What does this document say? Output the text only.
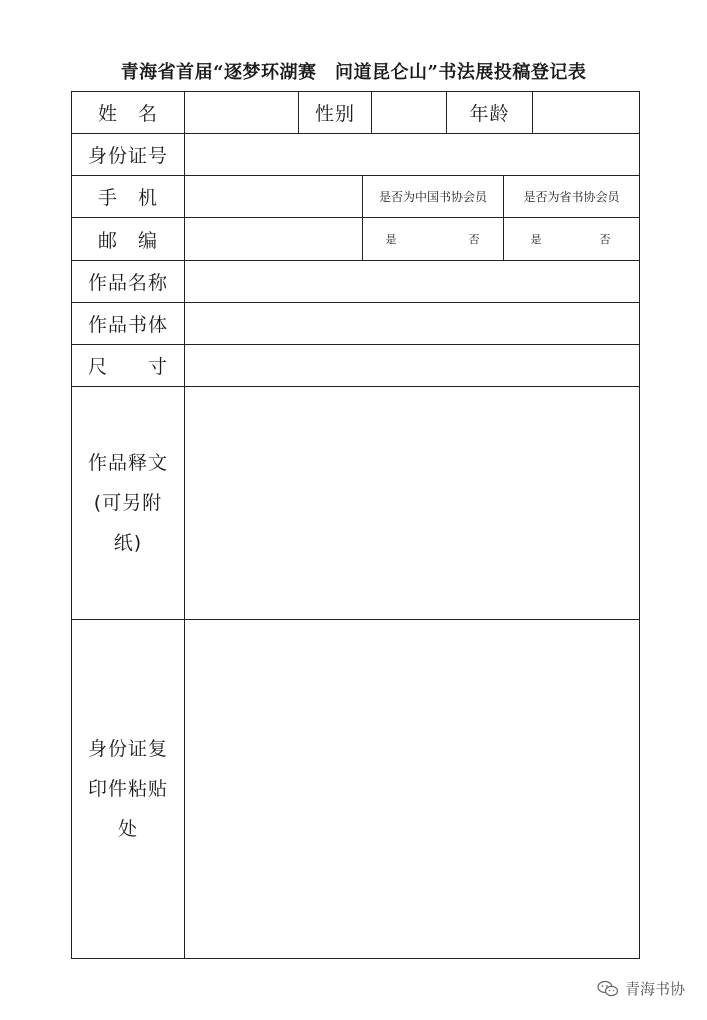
青海省首届“逐梦环湖赛　问道昆仑山”书法展投稿登记表
姓　名	性别	年龄
身份证号
手　机	是否为中国书协会员	是否为省书协会员
邮　编	是	否	是	否
作品名称
作品书体
尺　　寸
作品释文
(可另附
纸)
身份证复
印件粘贴
处
青海书协
